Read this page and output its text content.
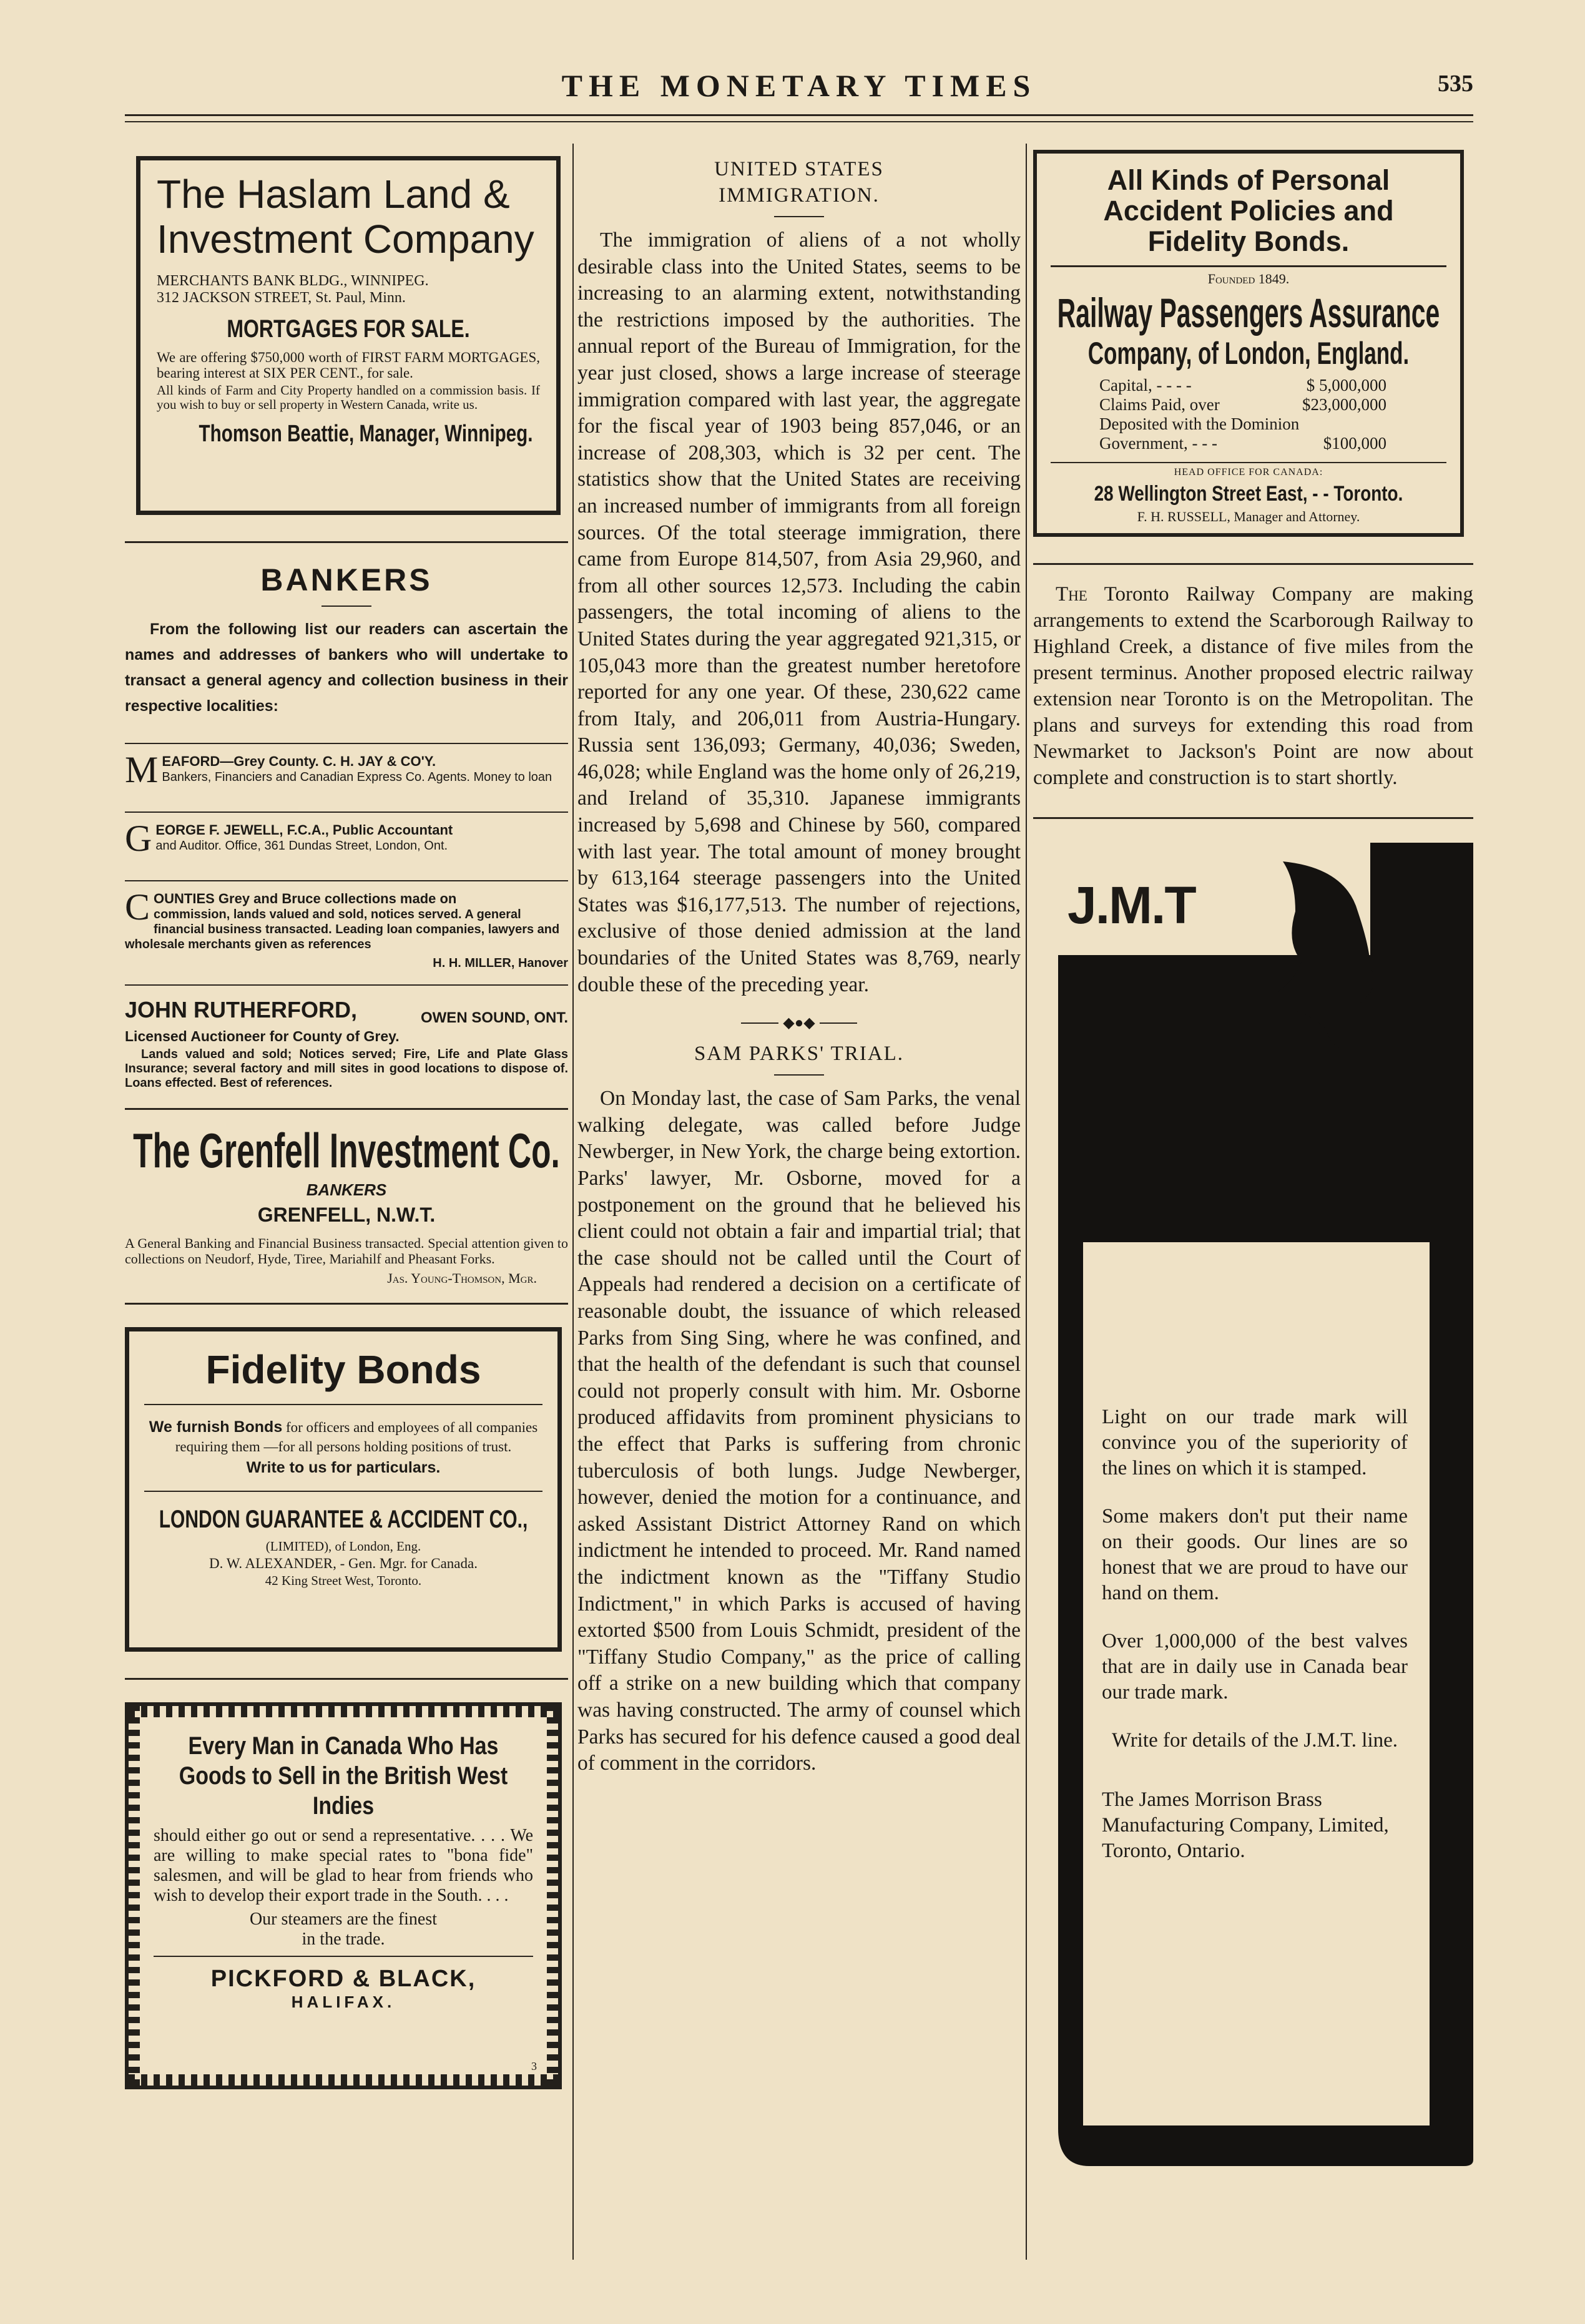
THE MONETARY TIMES	535
The Haslam Land & Investment Company
MERCHANTS BANK BLDG., WINNIPEG.
312 JACKSON STREET, St. Paul, Minn.
MORTGAGES FOR SALE.
We are offering $750,000 worth of FIRST FARM MORTGAGES, bearing interest at SIX PER CENT., for sale.
All kinds of Farm and City Property handled on a commission basis. If you wish to buy or sell property in Western Canada, write us.
Thomson Beattie, Manager, Winnipeg.
BANKERS
From the following list our readers can ascertain the names and addresses of bankers who will undertake to transact a general agency and collection business in their respective localities:
M EAFORD—Grey County. C. H. JAY & CO'Y.
Bankers, Financiers and Canadian Express Co. Agents. Money to loan
G EORGE F. JEWELL, F.C.A., Public Accountant
and Auditor. Office, 361 Dundas Street, London, Ont.
C OUNTIES Grey and Bruce collections made on
commission, lands valued and sold, notices served. A general financial business transacted. Leading loan companies, lawyers and wholesale merchants given as references
H. H. MILLER, Hanover
JOHN RUTHERFORD,	OWEN SOUND, ONT.
Licensed Auctioneer for County of Grey.
Lands valued and sold; Notices served; Fire, Life and Plate Glass Insurance; several factory and mill sites in good locations to dispose of. Loans effected. Best of references.
The Grenfell Investment Co.
BANKERS
GRENFELL, N.W.T.
A General Banking and Financial Business transacted. Special attention given to collections on Neudorf, Hyde, Tiree, Mariahilf and Pheasant Forks.
Jas. Young-Thomson, Mgr.
Fidelity Bonds
We furnish Bonds for officers and employees of all companies requiring them —for all persons holding positions of trust.
Write to us for particulars.
LONDON GUARANTEE & ACCIDENT CO.,
(LIMITED), of London, Eng.
D. W. ALEXANDER, - Gen. Mgr. for Canada.
42 King Street West, Toronto.
Every Man in Canada Who Has Goods to Sell in the British West Indies
should either go out or send a representative. . . . We are willing to make special rates to "bona fide" salesmen, and will be glad to hear from friends who wish to develop their export trade in the South. . . .
Our steamers are the finest in the trade.
PICKFORD & BLACK,
HALIFAX.
3
UNITED STATES IMMIGRATION.

The immigration of aliens of a not wholly desirable class into the United States, seems to be increasing to an alarming extent, notwithstanding the restrictions imposed by the authorities. The annual report of the Bureau of Immigration, for the year just closed, shows a large increase of steerage immigration compared with last year, the aggregate for the fiscal year of 1903 being 857,046, or an increase of 208,303, which is 32 per cent. The statistics show that the United States are receiving an increased number of immigrants from all foreign sources. Of the total steerage immigration, there came from Europe 814,507, from Asia 29,960, and from all other sources 12,573. Including the cabin passengers, the total incoming of aliens to the United States during the year aggregated 921,315, or 105,043 more than the greatest number heretofore reported for any one year. Of these, 230,622 came from Italy, and 206,011 from Austria-Hungary. Russia sent 136,093; Germany, 40,036; Sweden, 46,028; while England was the home only of 26,219, and Ireland of 35,310. Japanese immigrants increased by 5,698 and Chinese by 560, compared with last year. The total amount of money brought by 613,164 steerage passengers into the United States was $16,177,513. The number of rejections, exclusive of those denied admission at the land boundaries of the United States was 8,769, nearly double these of the preceding year.

◆●◆
SAM PARKS' TRIAL.

On Monday last, the case of Sam Parks, the venal walking delegate, was called before Judge Newberger, in New York, the charge being extortion. Parks' lawyer, Mr. Osborne, moved for a postponement on the ground that he believed his client could not obtain a fair and impartial trial; that the case should not be called until the Court of Appeals had rendered a decision on a certificate of reasonable doubt, the issuance of which released Parks from Sing Sing, where he was confined, and that the health of the defendant is such that counsel could not properly consult with him. Mr. Osborne produced affidavits from prominent physicians to the effect that Parks is suffering from chronic tuberculosis of both lungs. Judge Newberger, however, denied the motion for a continuance, and asked Assistant District Attorney Rand on which indictment he intended to proceed. Mr. Rand named the indictment known as the "Tiffany Studio Indictment," in which Parks is accused of having extorted $500 from Louis Schmidt, president of the "Tiffany Studio Company," as the price of calling off a strike on a new building which that company was having constructed. The army of counsel which Parks has secured for his defence caused a good deal of comment in the corridors.

All Kinds of Personal Accident Policies and Fidelity Bonds.
Founded 1849.
Railway Passengers Assurance
Company, of London, England.
Capital, - - - -	$ 5,000,000
Claims Paid, over	$23,000,000
Deposited with the Dominion
Government, - - -	$100,000
HEAD OFFICE FOR CANADA:
28 Wellington Street East, - - Toronto.
F. H. RUSSELL, Manager and Attorney.
The Toronto Railway Company are making arrangements to extend the Scarborough Railway to Highland Creek, a distance of five miles from the present terminus. Another proposed electric railway extension near Toronto is on the Metropolitan. The plans and surveys for extending this road from Newmarket to Jackson's Point are now about complete and construction is to start shortly.
J.M.T
Light on our trade mark will convince you of the superiority of the lines on which it is stamped.
Some makers don't put their name on their goods. Our lines are so honest that we are proud to have our hand on them.
Over 1,000,000 of the best valves that are in daily use in Canada bear our trade mark.
Write for details of the J.M.T. line.
The James Morrison Brass Manufacturing Company, Limited, Toronto, Ontario.
